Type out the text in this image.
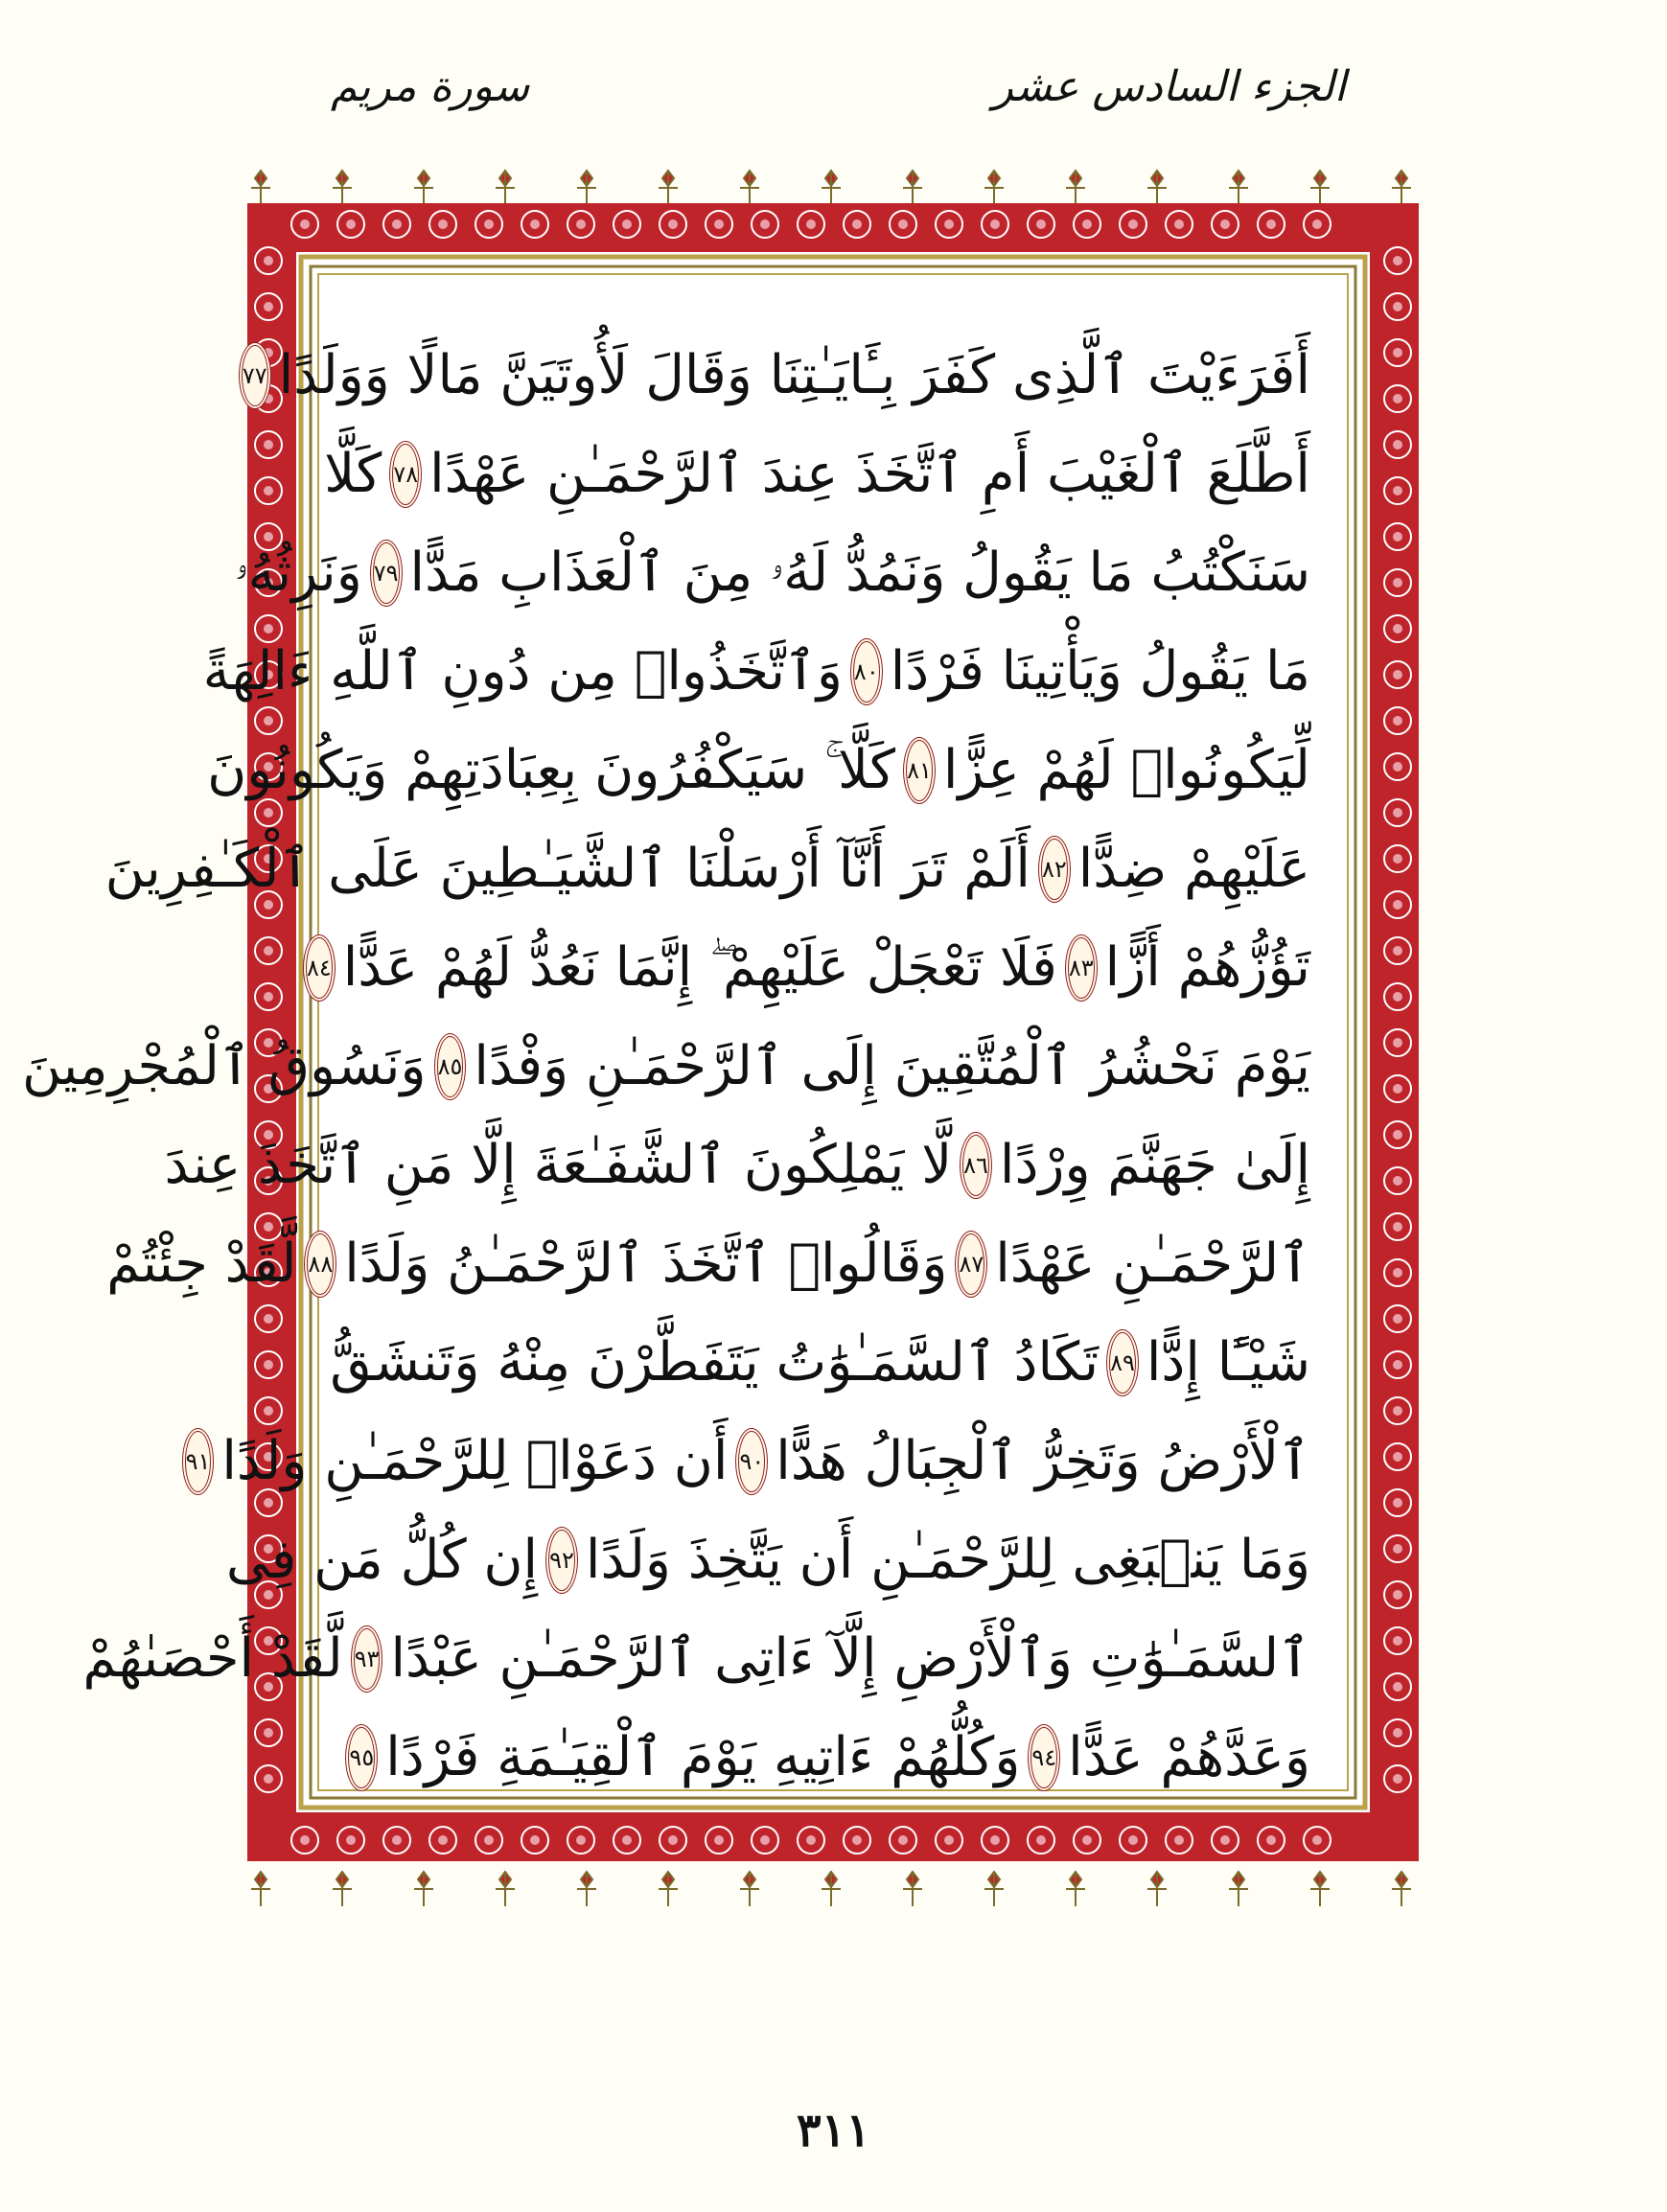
الجزء السادس عشر
سورة مريم
أَفَرَءَيْتَ ٱلَّذِى كَفَرَ بِـَٔايَـٰتِنَا وَقَالَ لَأُوتَيَنَّ مَالًا وَوَلَدًا
٧٧
أَطَّلَعَ ٱلْغَيْبَ أَمِ ٱتَّخَذَ عِندَ ٱلرَّحْمَـٰنِ عَهْدًا
٧٨
كَلَّا
سَنَكْتُبُ مَا يَقُولُ وَنَمُدُّ لَهُۥ مِنَ ٱلْعَذَابِ مَدًّا
٧٩
وَنَرِثُهُۥ
مَا يَقُولُ وَيَأْتِينَا فَرْدًا
٨٠
وَٱتَّخَذُوا۟ مِن دُونِ ٱللَّهِ ءَالِهَةً
لِّيَكُونُوا۟ لَهُمْ عِزًّا
٨١
كَلَّا ۚ سَيَكْفُرُونَ بِعِبَادَتِهِمْ وَيَكُونُونَ
عَلَيْهِمْ ضِدًّا
٨٢
أَلَمْ تَرَ أَنَّآ أَرْسَلْنَا ٱلشَّيَـٰطِينَ عَلَى ٱلْكَـٰفِرِينَ
تَؤُزُّهُمْ أَزًّا
٨٣
فَلَا تَعْجَلْ عَلَيْهِمْ ۖ إِنَّمَا نَعُدُّ لَهُمْ عَدًّا
٨٤
يَوْمَ نَحْشُرُ ٱلْمُتَّقِينَ إِلَى ٱلرَّحْمَـٰنِ وَفْدًا
٨٥
وَنَسُوقُ ٱلْمُجْرِمِينَ
إِلَىٰ جَهَنَّمَ وِرْدًا
٨٦
لَّا يَمْلِكُونَ ٱلشَّفَـٰعَةَ إِلَّا مَنِ ٱتَّخَذَ عِندَ
ٱلرَّحْمَـٰنِ عَهْدًا
٨٧
وَقَالُوا۟ ٱتَّخَذَ ٱلرَّحْمَـٰنُ وَلَدًا
٨٨
لَّقَدْ جِئْتُمْ
شَيْـًٔا إِدًّا
٨٩
تَكَادُ ٱلسَّمَـٰوَٰتُ يَتَفَطَّرْنَ مِنْهُ وَتَنشَقُّ
ٱلْأَرْضُ وَتَخِرُّ ٱلْجِبَالُ هَدًّا
٩٠
أَن دَعَوْا۟ لِلرَّحْمَـٰنِ وَلَدًا
٩١
وَمَا يَنۢبَغِى لِلرَّحْمَـٰنِ أَن يَتَّخِذَ وَلَدًا
٩٢
إِن كُلُّ مَن فِى
ٱلسَّمَـٰوَٰتِ وَٱلْأَرْضِ إِلَّآ ءَاتِى ٱلرَّحْمَـٰنِ عَبْدًا
٩٣
لَّقَدْ أَحْصَىٰهُمْ
وَعَدَّهُمْ عَدًّا
٩٤
وَكُلُّهُمْ ءَاتِيهِ يَوْمَ ٱلْقِيَـٰمَةِ فَرْدًا
٩٥
٣١١
